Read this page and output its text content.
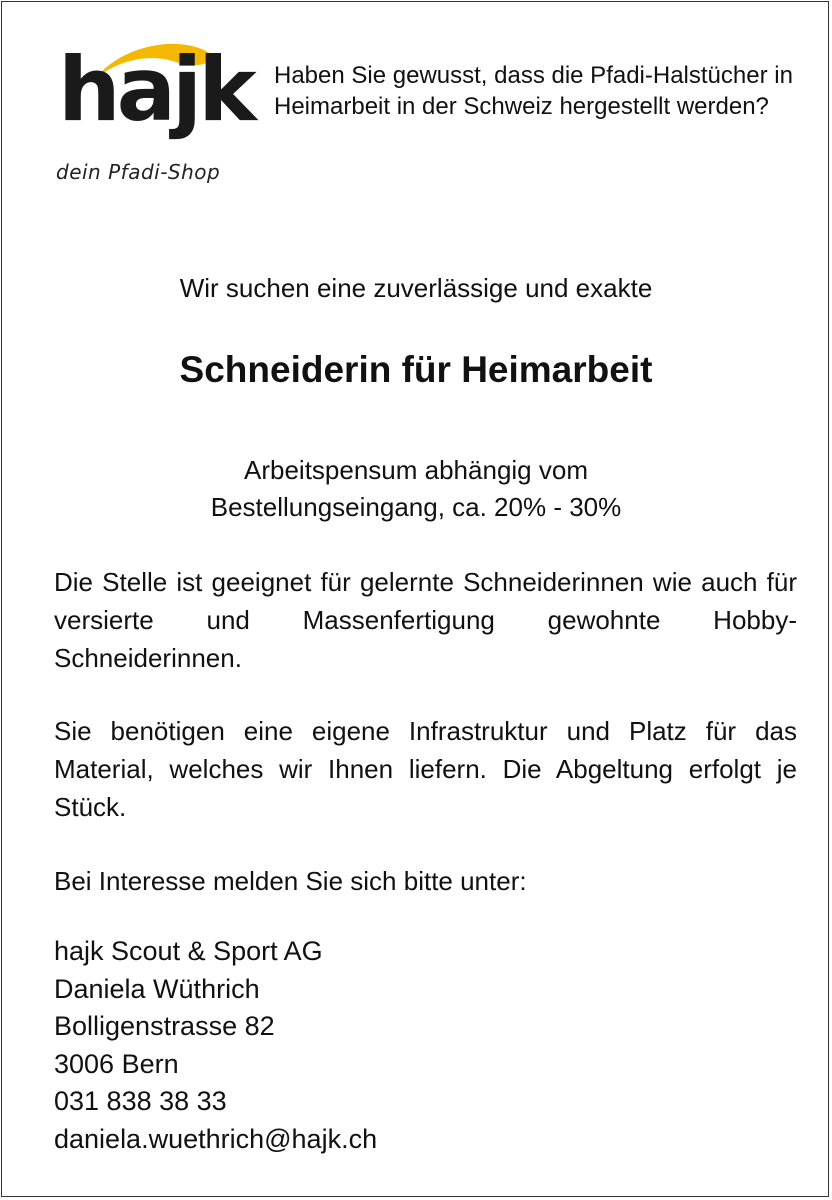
hajk
dein Pfadi-Shop
Haben Sie gewusst, dass die Pfadi-Halstücher in Heimarbeit in der Schweiz hergestellt werden?
Wir suchen eine zuverlässige und exakte
Schneiderin für Heimarbeit
Arbeitspensum abhängig vom
Bestellungseingang, ca. 20% - 30%
Die Stelle ist geeignet für gelernte Schneiderinnen wie auch für versierte und Massenfertigung gewohnte Hobby-Schneiderinnen.
Sie benötigen eine eigene Infrastruktur und Platz für das Material, welches wir Ihnen liefern. Die Abgeltung erfolgt je Stück.
Bei Interesse melden Sie sich bitte unter:
hajk Scout & Sport AG
Daniela Wüthrich
Bolligenstrasse 82
3006 Bern
031 838 38 33
daniela.wuethrich@hajk.ch
